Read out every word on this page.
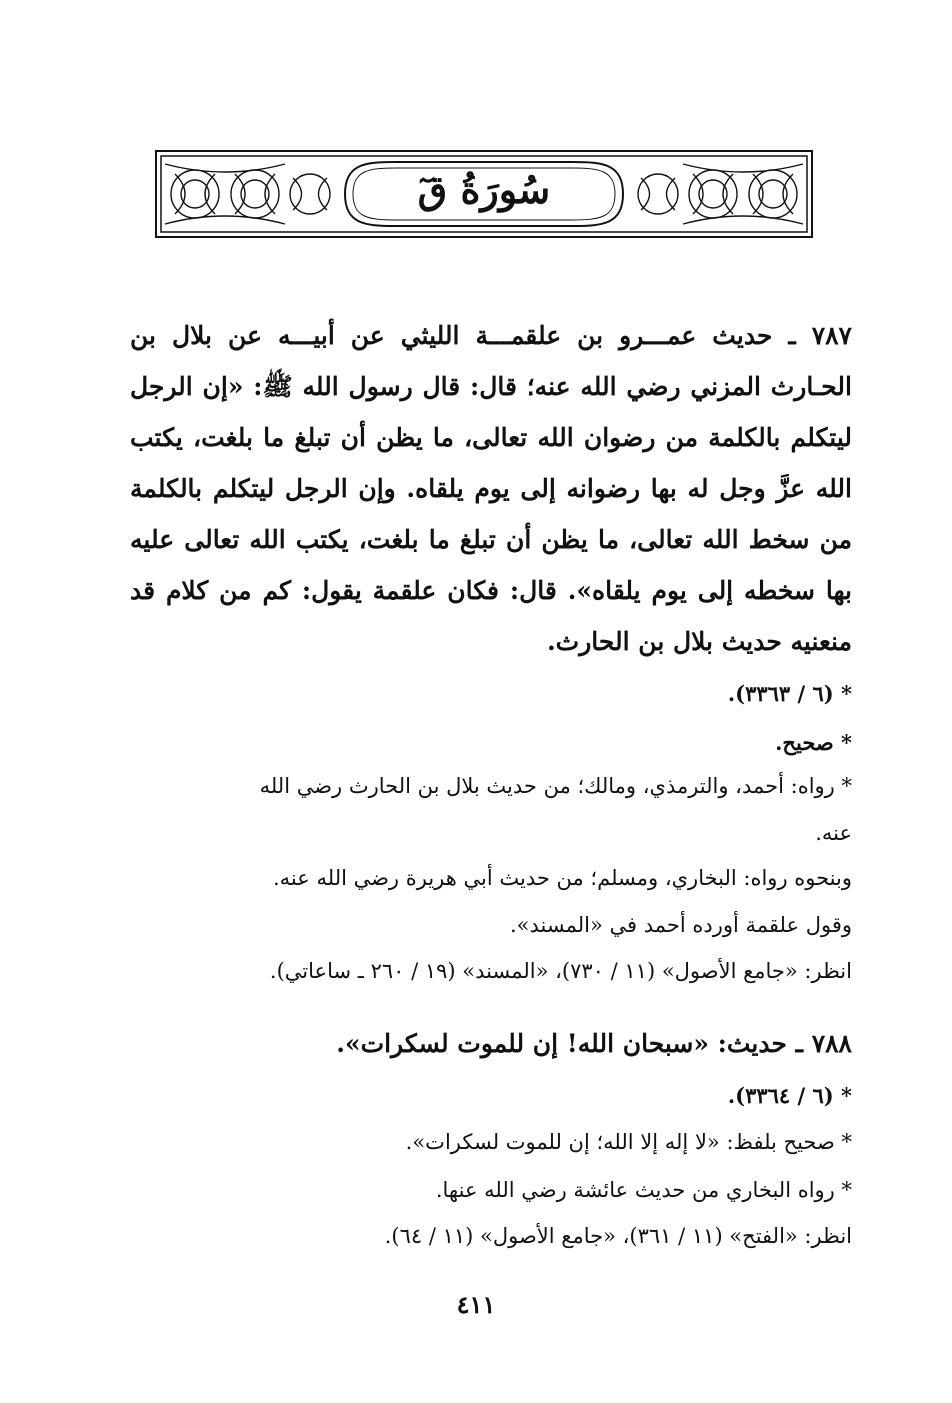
سُورَةُ قٓ
٧٨٧ ـ حديث عمـــرو بن علقمـــة الليثي عن أبيـــه عن بلال بن الحـارث المزني رضي الله عنه؛ قال: قال رسول الله ﷺ: «إن الرجل ليتكلم بالكلمة من رضوان الله تعالى، ما يظن أن تبلغ ما بلغت، يكتب الله عزَّ وجل له بها رضوانه إلى يوم يلقاه. وإن الرجل ليتكلم بالكلمة من سخط الله تعالى، ما يظن أن تبلغ ما بلغت، يكتب الله تعالى عليه بها سخطه إلى يوم يلقاه». قال: فكان علقمة يقول: كم من كلام قد منعنيه حديث بلال بن الحارث.
* (٦ / ٣٣٦٣).
* صحيح.
* رواه: أحمد، والترمذي، ومالك؛ من حديث بلال بن الحارث رضي الله
عنه.
وبنحوه رواه: البخاري، ومسلم؛ من حديث أبي هريرة رضي الله عنه.
وقول علقمة أورده أحمد في «المسند».
انظر: «جامع الأصول» (١١ / ٧٣٠)، «المسند» (١٩ / ٢٦٠ ـ ساعاتي).
٧٨٨ ـ حديث: «سبحان الله! إن للموت لسكرات».
* (٦ / ٣٣٦٤).
* صحيح بلفظ: «لا إله إلا الله؛ إن للموت لسكرات».
* رواه البخاري من حديث عائشة رضي الله عنها.
انظر: «الفتح» (١١ / ٣٦١)، «جامع الأصول» (١١ / ٦٤).
٤١١
